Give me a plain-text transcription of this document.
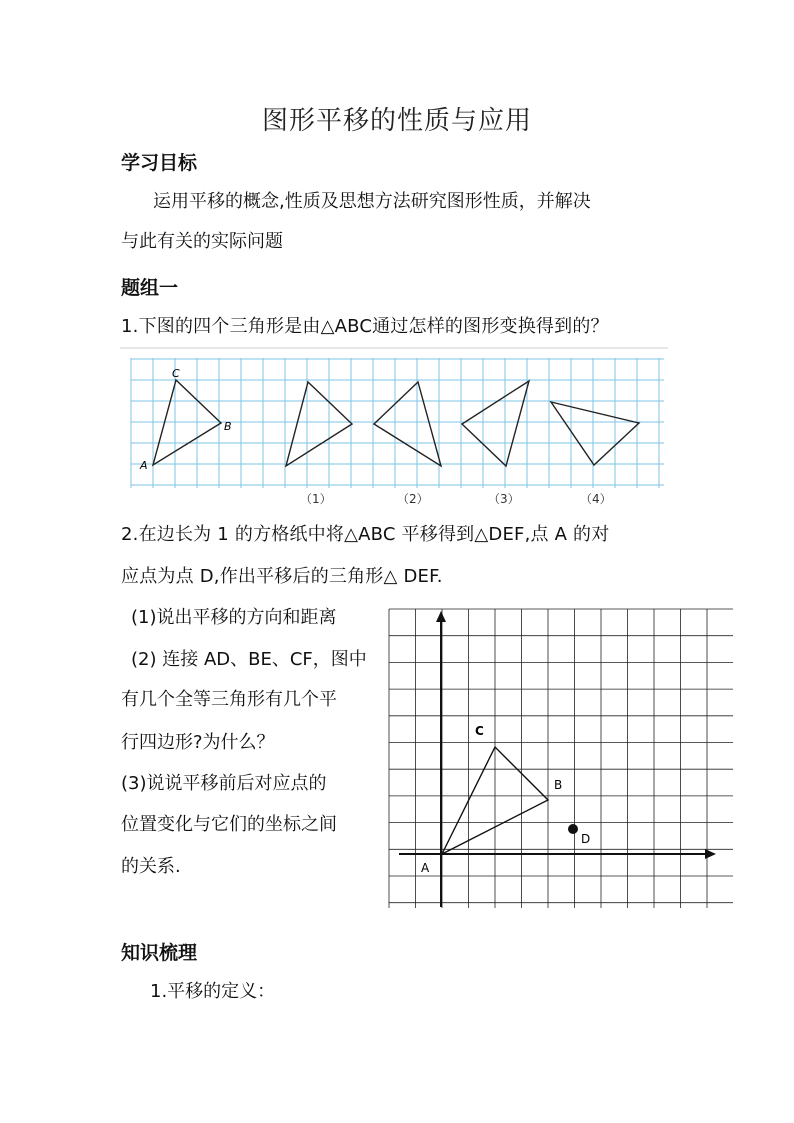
图形平移的性质与应用
学习目标
运用平移的概念,性质及思想方法研究图形性质，并解决
与此有关的实际问题
题组一
1.下图的四个三角形是由△ABC通过怎样的图形变换得到的？
C
B
A
（1）	（2）	（3）	（4）
2.在边长为 1 的方格纸中将△ABC 平移得到△DEF,点 A 的对
应点为点 D,作出平移后的三角形△ DEF.
(1)说出平移的方向和距离
(2) 连接 AD、BE、CF，图中
有几个全等三角形有几个平
行四边形?为什么？
(3)说说平移前后对应点的
位置变化与它们的坐标之间
的关系.
C
B
D
A
知识梳理
1.平移的定义：
